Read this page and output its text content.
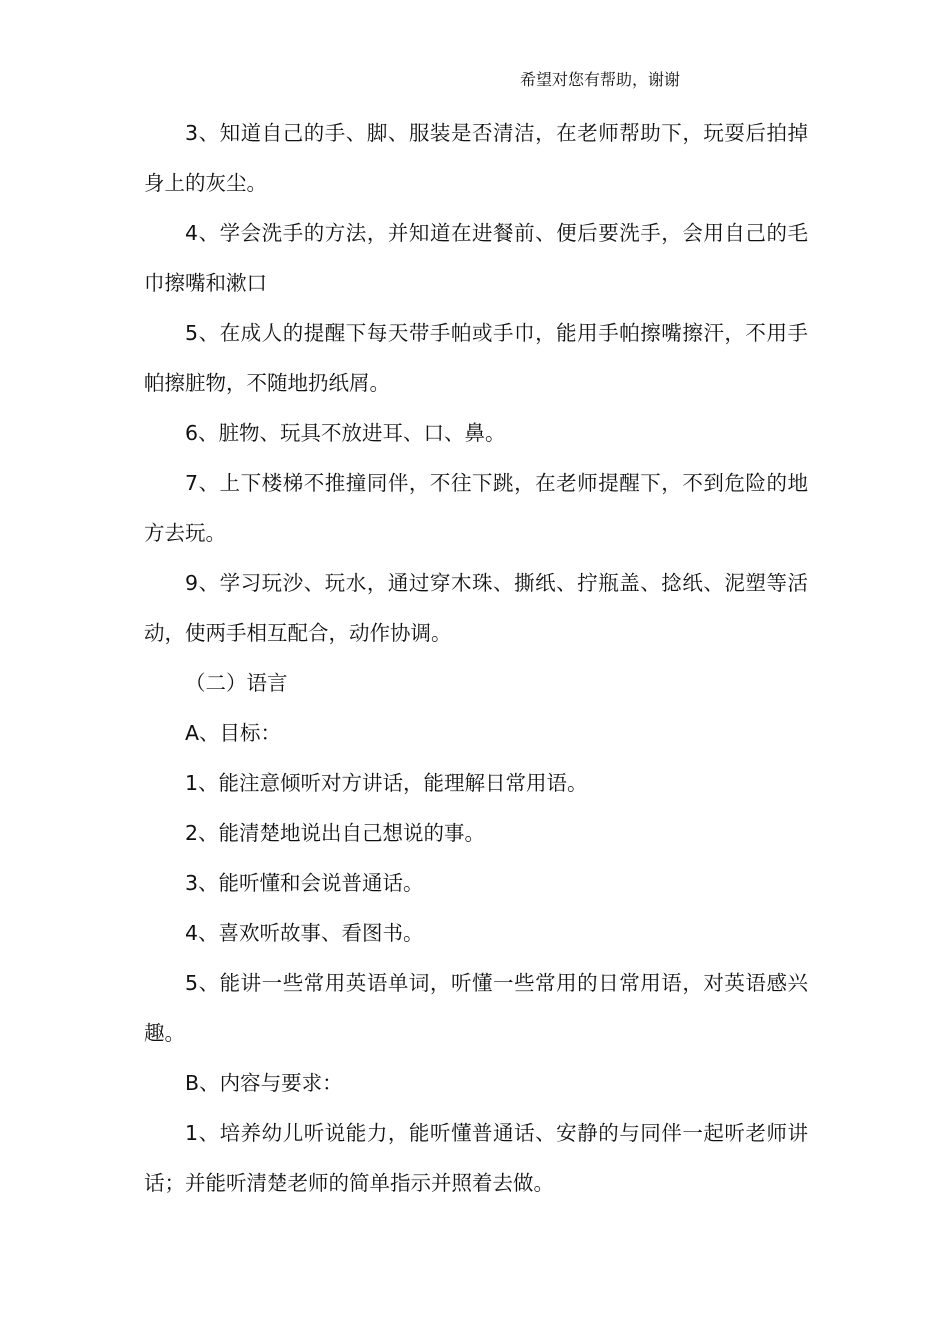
希望对您有帮助，谢谢

3、知道自己的手、脚、服装是否清洁，在老师帮助下，玩耍后拍掉身上的灰尘。

4、学会洗手的方法，并知道在进餐前、便后要洗手，会用自己的毛巾擦嘴和漱口

5、在成人的提醒下每天带手帕或手巾，能用手帕擦嘴擦汗，不用手帕擦脏物，不随地扔纸屑。

6、脏物、玩具不放进耳、口、鼻。

7、上下楼梯不推撞同伴，不往下跳，在老师提醒下，不到危险的地方去玩。

9、学习玩沙、玩水，通过穿木珠、撕纸、拧瓶盖、捻纸、泥塑等活动，使两手相互配合，动作协调。

（二）语言

A、目标：

1、能注意倾听对方讲话，能理解日常用语。

2、能清楚地说出自己想说的事。

3、能听懂和会说普通话。

4、喜欢听故事、看图书。

5、能讲一些常用英语单词，听懂一些常用的日常用语，对英语感兴趣。

B、内容与要求：

1、培养幼儿听说能力，能听懂普通话、安静的与同伴一起听老师讲话；并能听清楚老师的简单指示并照着去做。
